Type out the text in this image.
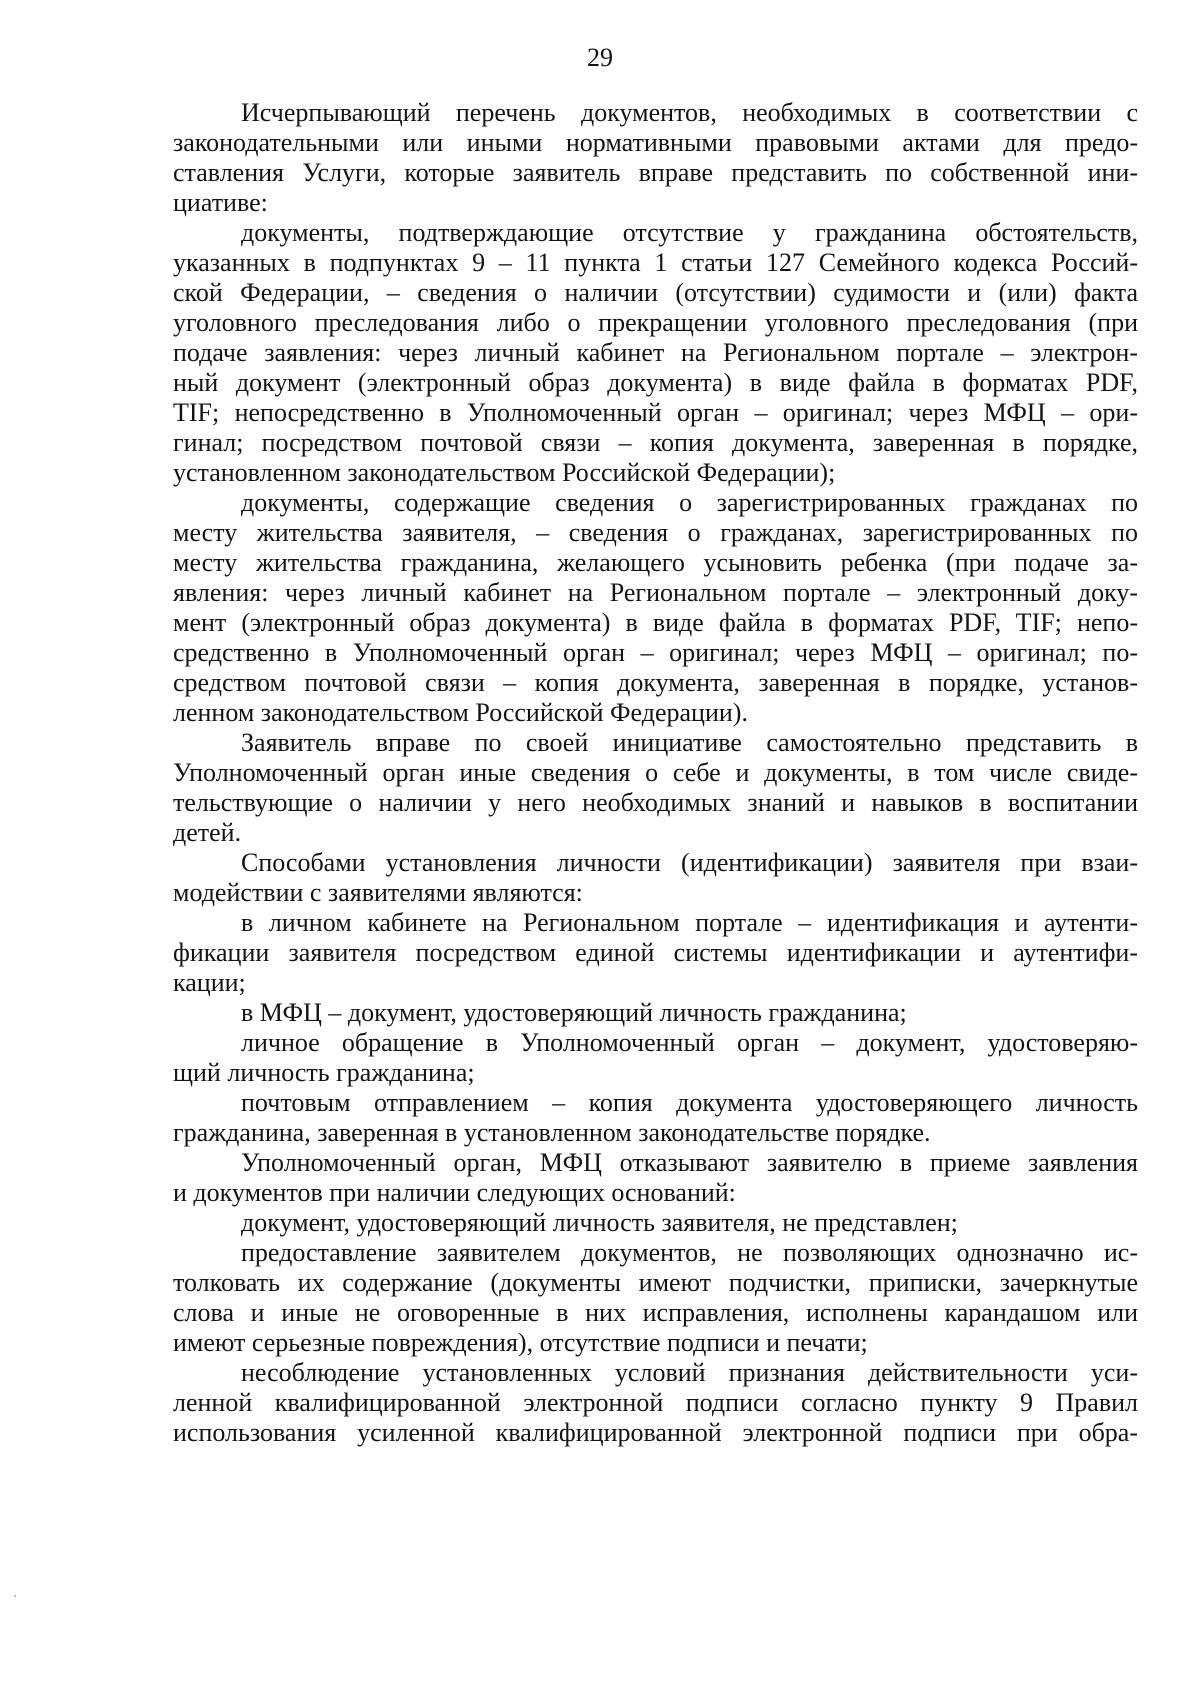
29
Исчерпывающий перечень документов, необходимых в соответствии с
законодательными или иными нормативными правовыми актами для предо-
ставления Услуги, которые заявитель вправе представить по собственной ини-
циативе:
документы, подтверждающие отсутствие у гражданина обстоятельств,
указанных в подпунктах 9 – 11 пункта 1 статьи 127 Семейного кодекса Россий-
ской Федерации, – сведения о наличии (отсутствии) судимости и (или) факта
уголовного преследования либо о прекращении уголовного преследования (при
подаче заявления: через личный кабинет на Региональном портале – электрон-
ный документ (электронный образ документа) в виде файла в форматах PDF,
TIF; непосредственно в Уполномоченный орган – оригинал; через МФЦ – ори-
гинал; посредством почтовой связи – копия документа, заверенная в порядке,
установленном законодательством Российской Федерации);
документы, содержащие сведения о зарегистрированных гражданах по
месту жительства заявителя, – сведения о гражданах, зарегистрированных по
месту жительства гражданина, желающего усыновить ребенка (при подаче за-
явления: через личный кабинет на Региональном портале – электронный доку-
мент (электронный образ документа) в виде файла в форматах PDF, TIF; непо-
средственно в Уполномоченный орган – оригинал; через МФЦ – оригинал; по-
средством почтовой связи – копия документа, заверенная в порядке, установ-
ленном законодательством Российской Федерации).
Заявитель вправе по своей инициативе самостоятельно представить в
Уполномоченный орган иные сведения о себе и документы, в том числе свиде-
тельствующие о наличии у него необходимых знаний и навыков в воспитании
детей.
Способами установления личности (идентификации) заявителя при взаи-
модействии с заявителями являются:
в личном кабинете на Региональном портале – идентификация и аутенти-
фикации заявителя посредством единой системы идентификации и аутентифи-
кации;
в МФЦ – документ, удостоверяющий личность гражданина;
личное обращение в Уполномоченный орган – документ, удостоверяю-
щий личность гражданина;
почтовым отправлением – копия документа удостоверяющего личность
гражданина, заверенная в установленном законодательстве порядке.
Уполномоченный орган, МФЦ отказывают заявителю в приеме заявления
и документов при наличии следующих оснований:
документ, удостоверяющий личность заявителя, не представлен;
предоставление заявителем документов, не позволяющих однозначно ис-
толковать их содержание (документы имеют подчистки, приписки, зачеркнутые
слова и иные не оговоренные в них исправления, исполнены карандашом или
имеют серьезные повреждения), отсутствие подписи и печати;
несоблюдение установленных условий признания действительности уси-
ленной квалифицированной электронной подписи согласно пункту 9 Правил
использования усиленной квалифицированной электронной подписи при обра-
